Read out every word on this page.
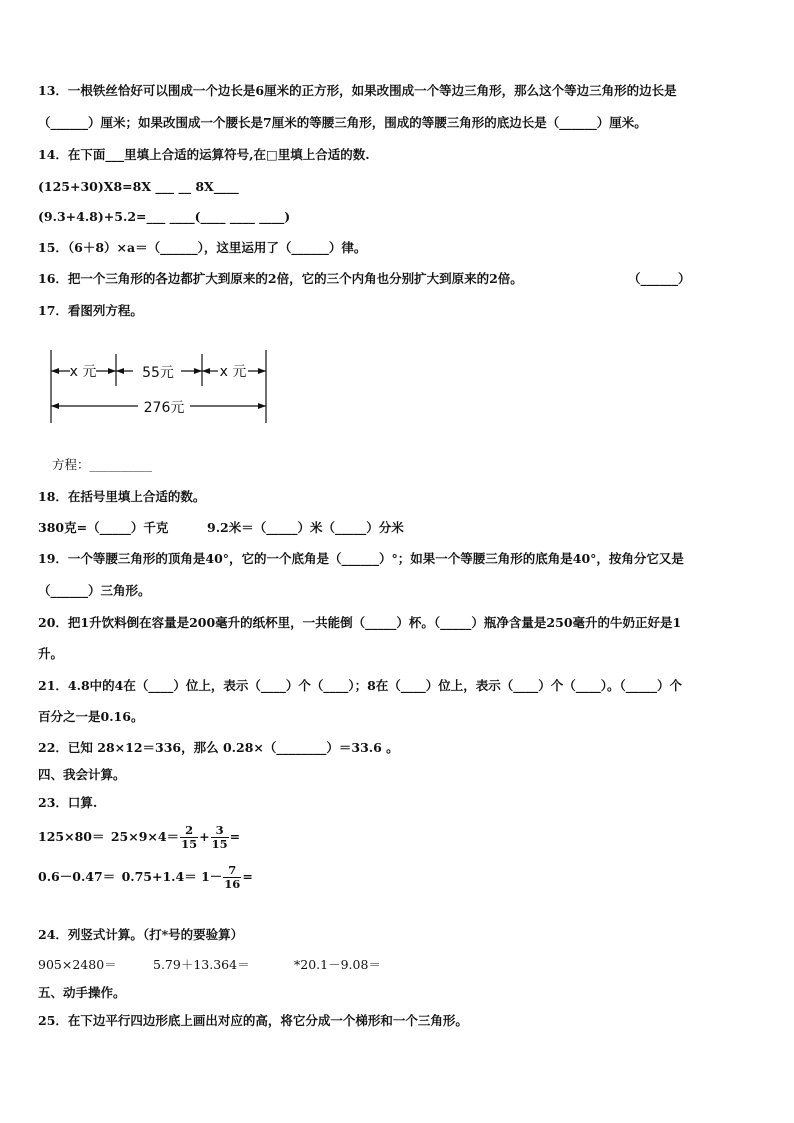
13．一根铁丝恰好可以围成一个边长是6厘米的正方形，如果改围成一个等边三角形，那么这个等边三角形的边长是
（______）厘米；如果改围成一个腰长是7厘米的等腰三角形，围成的等腰三角形的底边长是（______）厘米。
14．在下面___里填上合适的运算符号,在□里填上合适的数.
(125+30)X8=8X ___ __ 8X____
(9.3+4.8)+5.2=___ ____(____ ____ ____)
15．（6＋8）×a＝（______），这里运用了（______）律。
16．把一个三角形的各边都扩大到原来的2倍，它的三个内角也分别扩大到原来的2倍。	（______）
17．看图列方程。
x 元	55元	x 元
276元
方程：__________
18．在括号里填上合适的数。
380克=（_____）千克	9.2米＝（_____）米（_____）分米
19．一个等腰三角形的顶角是40°，它的一个底角是（______）°；如果一个等腰三角形的底角是40°，按角分它又是
（______）三角形。
20．把1升饮料倒在容量是200毫升的纸杯里，一共能倒（_____）杯。（_____）瓶净含量是250毫升的牛奶正好是1
升。
21．4.8中的4在（____）位上，表示（____）个（____）；8在（____）位上，表示（____）个（____）。（_____）个
百分之一是0.16。
22．已知 28×12＝336，那么 0.28×（________）＝33.6 。
四、我会计算。
23．口算.
$125\times 80= 25\times 9\times 4= \frac{2}{15} + \frac{3}{15}$ =
$0.6-0.47= 0.75+1.4= 1- \frac{7}{16}$ =
24．列竖式计算。（打*号的要验算）
905×2480＝	5.79＋13.364＝	*20.1－9.08＝
五、动手操作。
25．在下边平行四边形底上画出对应的高，将它分成一个梯形和一个三角形。
